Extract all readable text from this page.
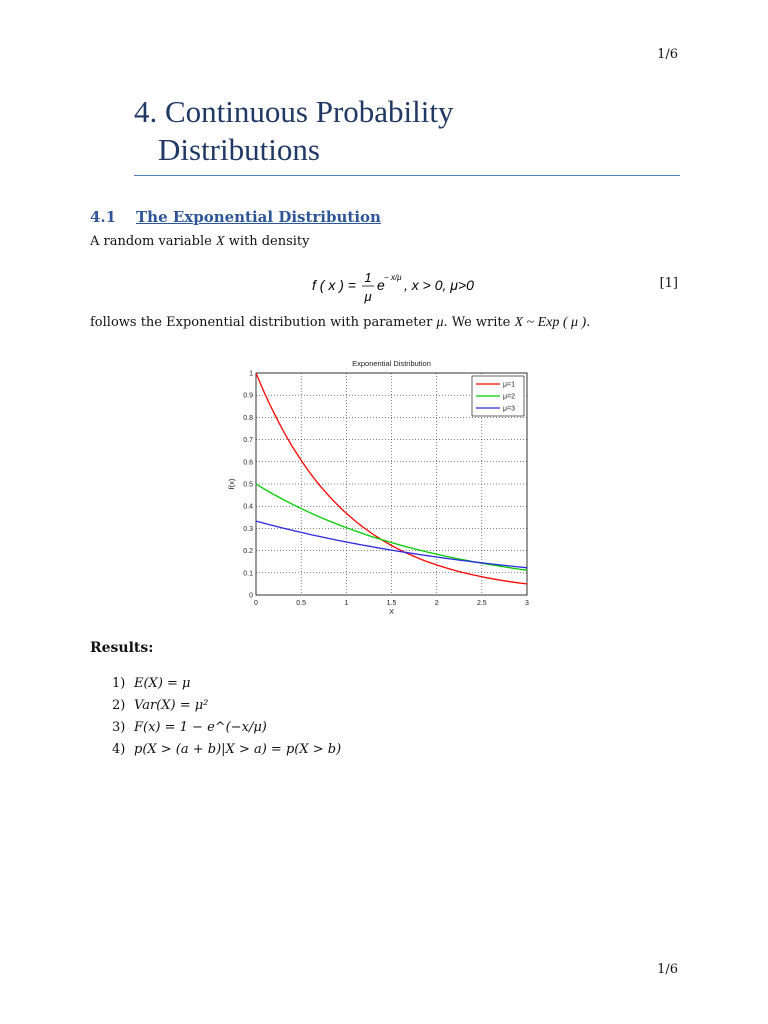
1/6
4. Continuous Probability
Distributions
4.1 The Exponential Distribution
A random variable X with density
f ( x ) = 1
μ
e − x/μ , x > 0, μ>0	[1]
follows the Exponential distribution with parameter μ. We write X ~ Exp ( μ ).
0	0.5	1	1.5	2	2.5	3
0
0.1
0.2
0.3
0.4
0.5
0.6
0.7
0.8
0.9
1
Exponential Distribution
X
f(x)
μ=1
μ=2
μ=3
Results:
1) E(X) = μ
2) Var(X) = μ²
3) F(x) = 1 − e^(−x/μ)
4) p(X > (a + b)|X > a) = p(X > b)
1/6
